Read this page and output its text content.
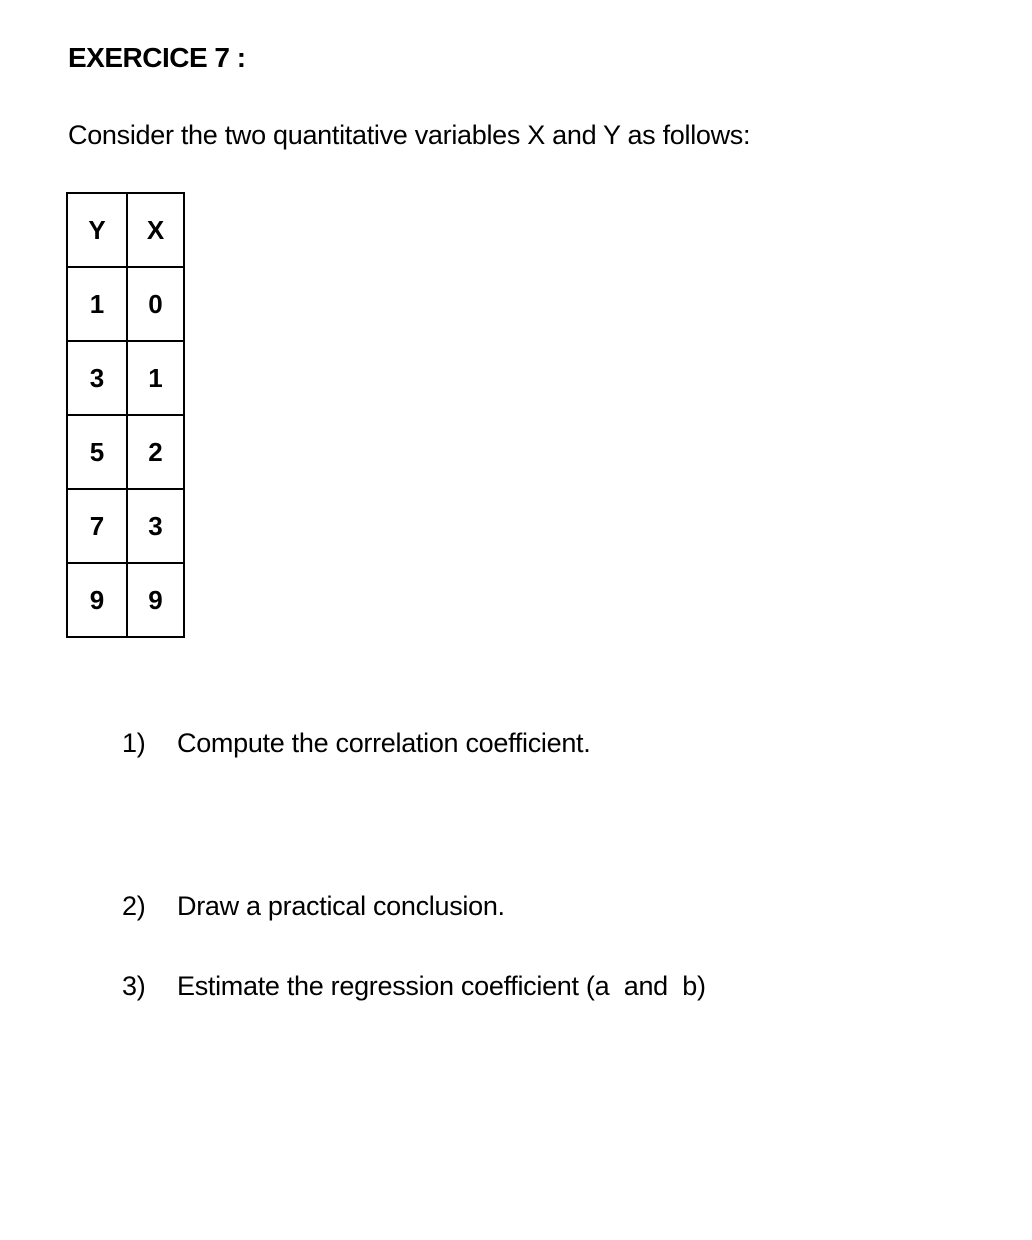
EXERCICE 7 :
Consider the two quantitative variables X and Y as follows:
Y	X
1	0
3	1
5	2
7	3
9	9
1) Compute the correlation coefficient.
2) Draw a practical conclusion.
3) Estimate the regression coefficient (a  and  b)
